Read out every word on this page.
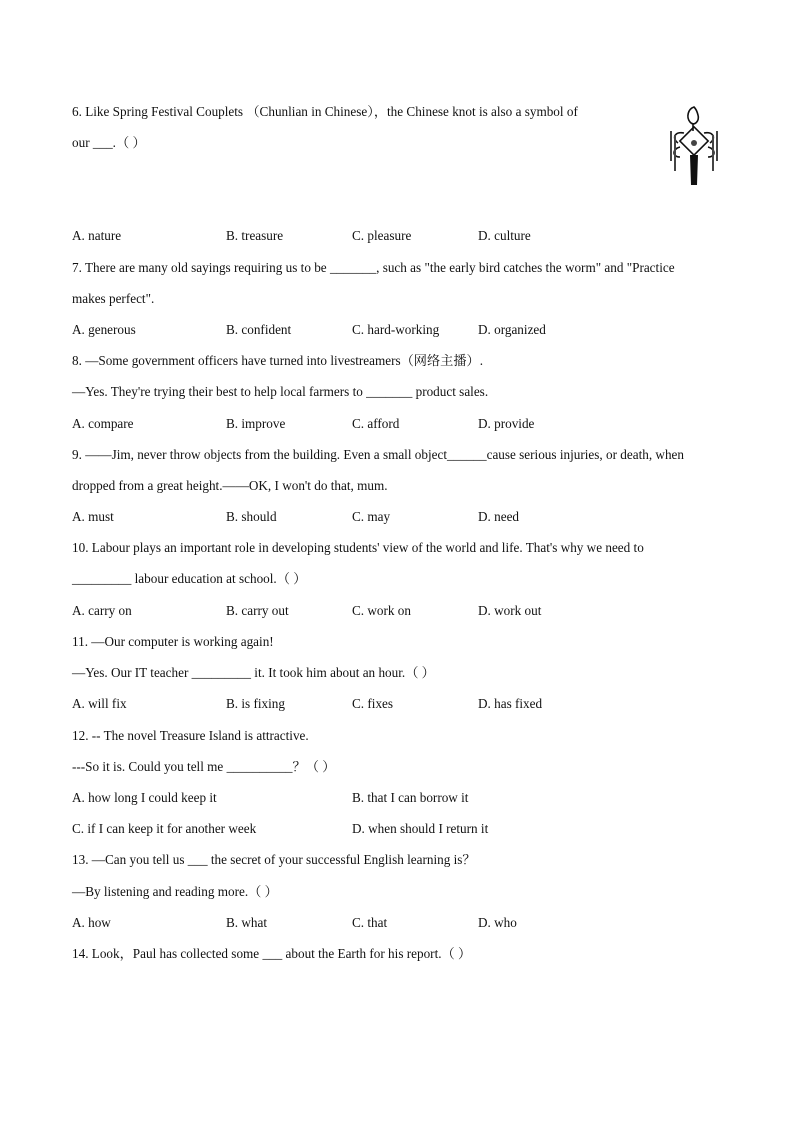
6. Like Spring Festival Couplets （Chunlian in Chinese），the Chinese knot is also a symbol of
our ___.（ ）
A. nature	B. treasure	C. pleasure	D. culture
7. There are many old sayings requiring us to be _______, such as "the early bird catches the worm" and "Practice
makes perfect".
A. generous	B. confident	C. hard-working	D. organized
8. —Some government officers have turned into livestreamers（网络主播）.
—Yes. They're trying their best to help local farmers to _______ product sales.
A. compare	B. improve	C. afford	D. provide
9. ——Jim, never throw objects from the building. Even a small object______cause serious injuries, or death, when
dropped from a great height.——OK, I won't do that, mum.
A. must	B. should	C. may	D. need
10. Labour plays an important role in developing students' view of the world and life. That's why we need to
_________ labour education at school.（ ）
A. carry on	B. carry out	C. work on	D. work out
11. —Our computer is working again!
—Yes. Our IT teacher _________ it. It took him about an hour.（ ）
A. will fix	B. is fixing	C. fixes	D. has fixed
12. -- The novel Treasure Island is attractive.
---So it is. Could you tell me __________？（ ）
A. how long I could keep it	B. that I can borrow it
C. if I can keep it for another week	D. when should I return it
13. —Can you tell us ___ the secret of your successful English learning is？
—By listening and reading more.（ ）
A. how	B. what	C. that	D. who
14. Look，Paul has collected some ___ about the Earth for his report.（ ）
